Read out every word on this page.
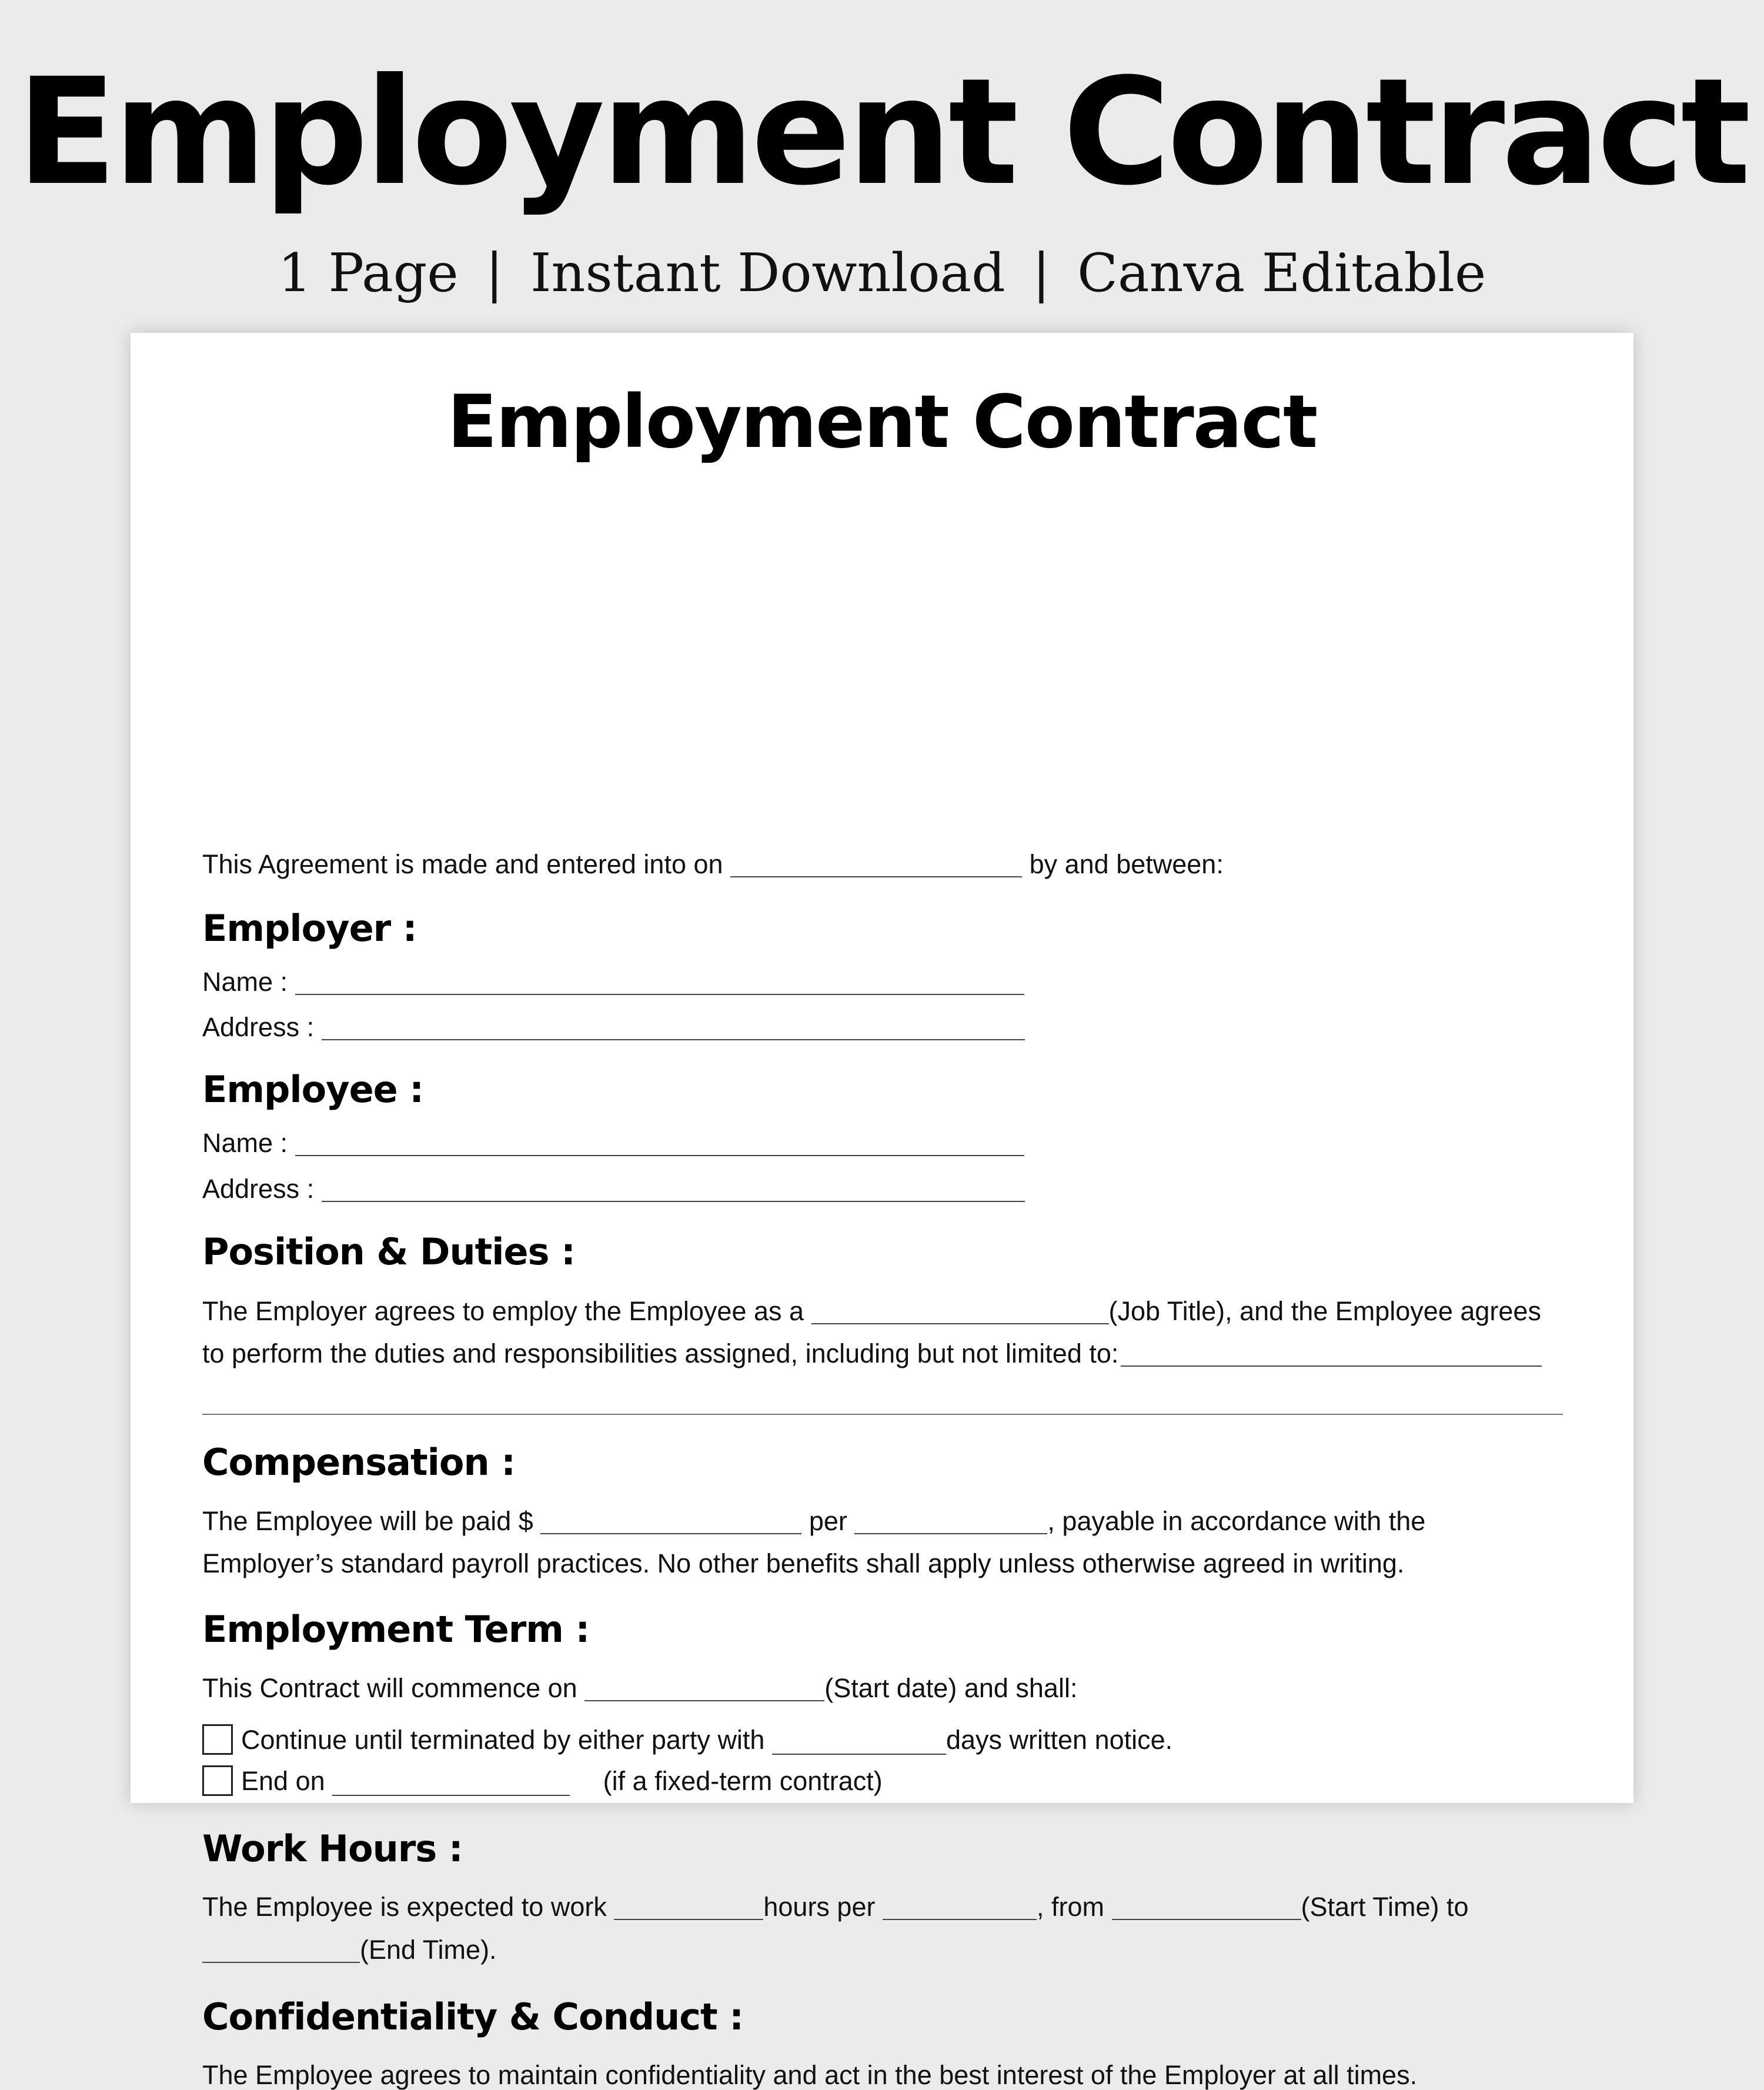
Employment Contract
1 Page | Instant Download | Canva Editable
Employment Contract
This Agreement is made and entered into on	by and between:
Employer :
Name :
Address :
Employee :
Name :
Address :
Position & Duties :
The Employer agrees to employ the Employee as a	(Job Title), and the Employee agrees
to perform the duties and responsibilities assigned, including but not limited to:
Compensation :
The Employee will be paid $	per	, payable in accordance with the
Employer’s standard payroll practices. No other benefits shall apply unless otherwise agreed in writing.
Employment Term :
This Contract will commence on	(Start date) and shall:
Continue until terminated by either party with	days written notice.
End on	(if a fixed-term contract)
Work Hours :
The Employee is expected to work	hours per	, from	(Start Time) to
(End Time).
Confidentiality & Conduct :
The Employee agrees to maintain confidentiality and act in the best interest of the Employer at all times.
